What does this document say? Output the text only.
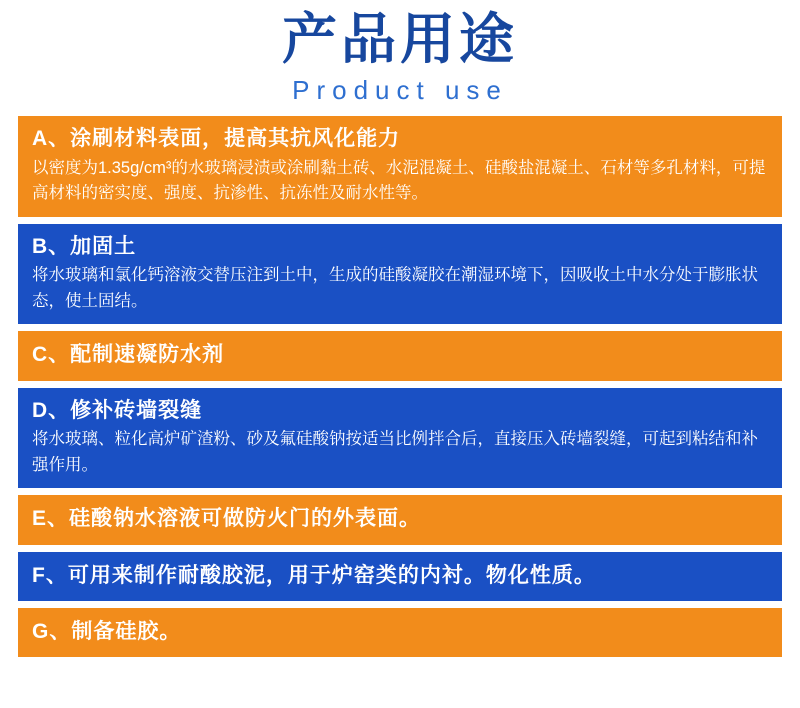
产品用途
Product use
A、涂刷材料表面，提高其抗风化能力
以密度为1.35g/cm³的水玻璃浸渍或涂刷黏土砖、水泥混凝土、硅酸盐混凝土、石材等多孔材料，可提高材料的密实度、强度、抗渗性、抗冻性及耐水性等。
B、加固土
将水玻璃和氯化钙溶液交替压注到土中，生成的硅酸凝胶在潮湿环境下，因吸收土中水分处于膨胀状态，使土固结。
C、配制速凝防水剂
D、修补砖墙裂缝
将水玻璃、粒化高炉矿渣粉、砂及氟硅酸钠按适当比例拌合后，直接压入砖墙裂缝，可起到粘结和补强作用。
E、硅酸钠水溶液可做防火门的外表面。
F、可用来制作耐酸胶泥，用于炉窑类的内衬。物化性质。
G、制备硅胶。
